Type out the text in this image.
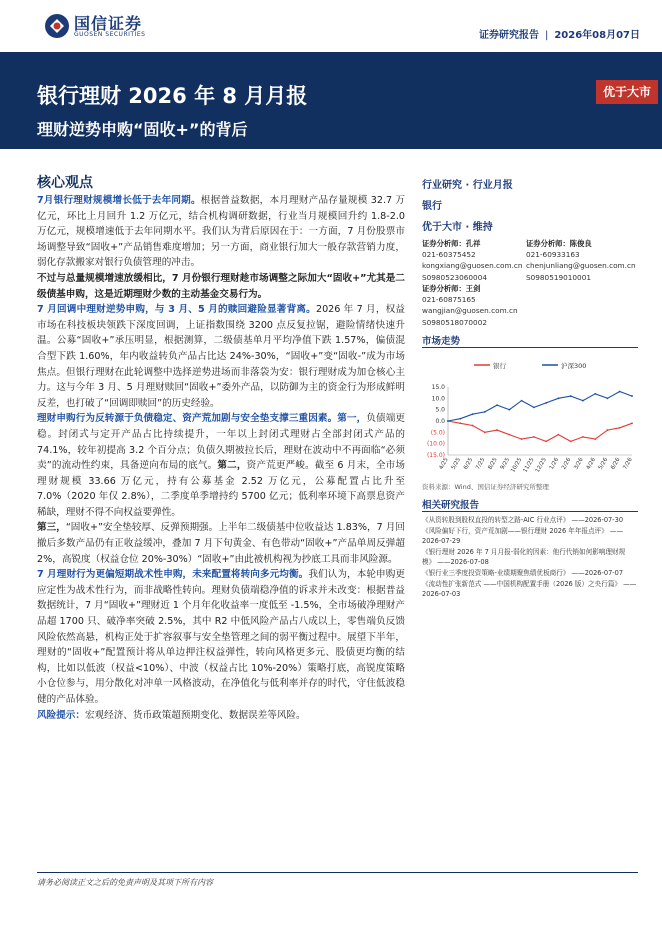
国信证券
GUOSEN SECURITIES	证券研究报告 | 2026年08月07日
银行理财 2026 年 8 月月报
理财逆势申购“固收+”的背后
优于大市
核心观点

7月银行理财规模增长低于去年同期。根据普益数据，本月理财产品存量规模 32.7 万亿元，环比上月回升 1.2 万亿元，结合机构调研数据，行业当月规模回升约 1.8-2.0 万亿元，规模增速低于去年同期水平。我们认为背后原因在于：一方面，7 月份股票市场调整导致“固收+”产品销售难度增加；另一方面，商业银行加大一般存款营销力度，弱化存款搬家对银行负债管理的冲击。

不过与总量规模增速放缓相比，7 月份银行理财趁市场调整之际加大“固收+”尤其是二级债基申购，这是近期理财少数的主动基金交易行为。

7 月回调中理财逆势申购，与 3 月、5 月的赎回避险显著背离。2026 年 7 月，权益市场在科技板块领跌下深度回调，上证指数围绕 3200 点反复拉锯，避险情绪快速升温。公募“固收+”承压明显，根据测算，二级债基单月平均净值下跌 1.57%，偏债混合型下跌 1.60%，年内收益转负产品占比达 24%-30%，“固收+”变“固收-”成为市场焦点。但银行理财在此轮调整中选择逆势进场而非落袋为安：银行理财成为加仓核心主力。这与今年 3 月、5 月理财赎回“固收+”委外产品，以防御为主的资金行为形成鲜明反差，也打破了“回调即赎回”的历史经验。

理财申购行为反转源于负债稳定、资产荒加剧与安全垫支撑三重因素。第一，负债端更稳。封闭式与定开产品占比持续提升，一年以上封闭式理财占全部封闭式产品的 74.1%，较年初提高 3.2 个百分点；负债久期被拉长后，理财在波动中不再面临“必须卖”的流动性约束，具备逆向布局的底气。第二，资产荒更严峻。截至 6 月末，全市场理财规模 33.66 万亿元，持有公募基金 2.52 万亿元，公募配置占比升至 7.0%（2020 年仅 2.8%），二季度单季增持约 5700 亿元；低利率环境下高票息资产稀缺，理财不得不向权益要弹性。

第三，“固收+”安全垫较厚、反弹预期强。上半年二级债基中位收益达 1.83%，7 月回撤后多数产品仍有正收益缓冲，叠加 7 月下旬黄金、有色带动“固收+”产品单周反弹超 2%，高锐度（权益仓位 20%-30%）“固收+”由此被机构视为抄底工具而非风险源。

7 月理财行为更偏短期战术性申购，未来配置将转向多元均衡。我们认为，本轮申购更应定性为战术性行为，而非战略性转向。理财负债端稳净值的诉求并未改变：根据普益数据统计，7 月“固收+”理财近 1 个月年化收益率一度低至 -1.5%，全市场破净理财产品超 1700 只、破净率突破 2.5%，其中 R2 中低风险产品占八成以上，零售端负反馈风险依然高悬，机构正处于扩容叙事与安全垫管理之间的弱平衡过程中。展望下半年，理财的“固收+”配置预计将从单边押注权益弹性，转向风格更多元、股债更均衡的结构，比如以低波（权益<10%）、中波（权益占比 10%-20%）策略打底，高锐度策略小仓位参与，用分散化对冲单一风格波动，在净值化与低利率并存的时代，守住低波稳健的产品体验。

风险提示：宏观经济、货币政策超预期变化、数据误差等风险。

行业研究 · 行业月报
银行
优于大市 · 维持
证券分析师：孔祥
021-60375452
kongxiang@guosen.com.cn
S0980523060004
证券分析师：陈俊良
021-60933163
chenjunliang@guosen.com.cn
S0980519010001
证券分析师：王剑
021-60875165
wangjian@guosen.com.cn
S0980518070002
市场走势
银行	沪深300
15.0
10.0
5.0
0.0
(5.0)
(10.0)
(15.0)
4/25 5/25 6/25 7/25 8/25 9/25 10/25 11/25 12/25 1/26 2/26 3/26 4/26 5/26 6/26 7/26
资料来源：Wind、国信证券经济研究所整理
相关研究报告
《从资转股到股权直投的转型之路-AIC 行业点评》 ——2026-07-30
《风险偏好下行，资产荒加剧——银行理财 2026 年年报点评》 ——2026-07-29
《银行理财 2026 年 7 月月报-弱化的因素：他行代销如何影响理财规模》 ——2026-07-08
《银行业三季度投资策略-业绩期聚焦绩优板商行》 ——2026-07-07
《流动性扩张新范式 ——中国机构配置手册（2026 版）之央行篇》 ——2026-07-03
请务必阅读正文之后的免责声明及其项下所有内容
